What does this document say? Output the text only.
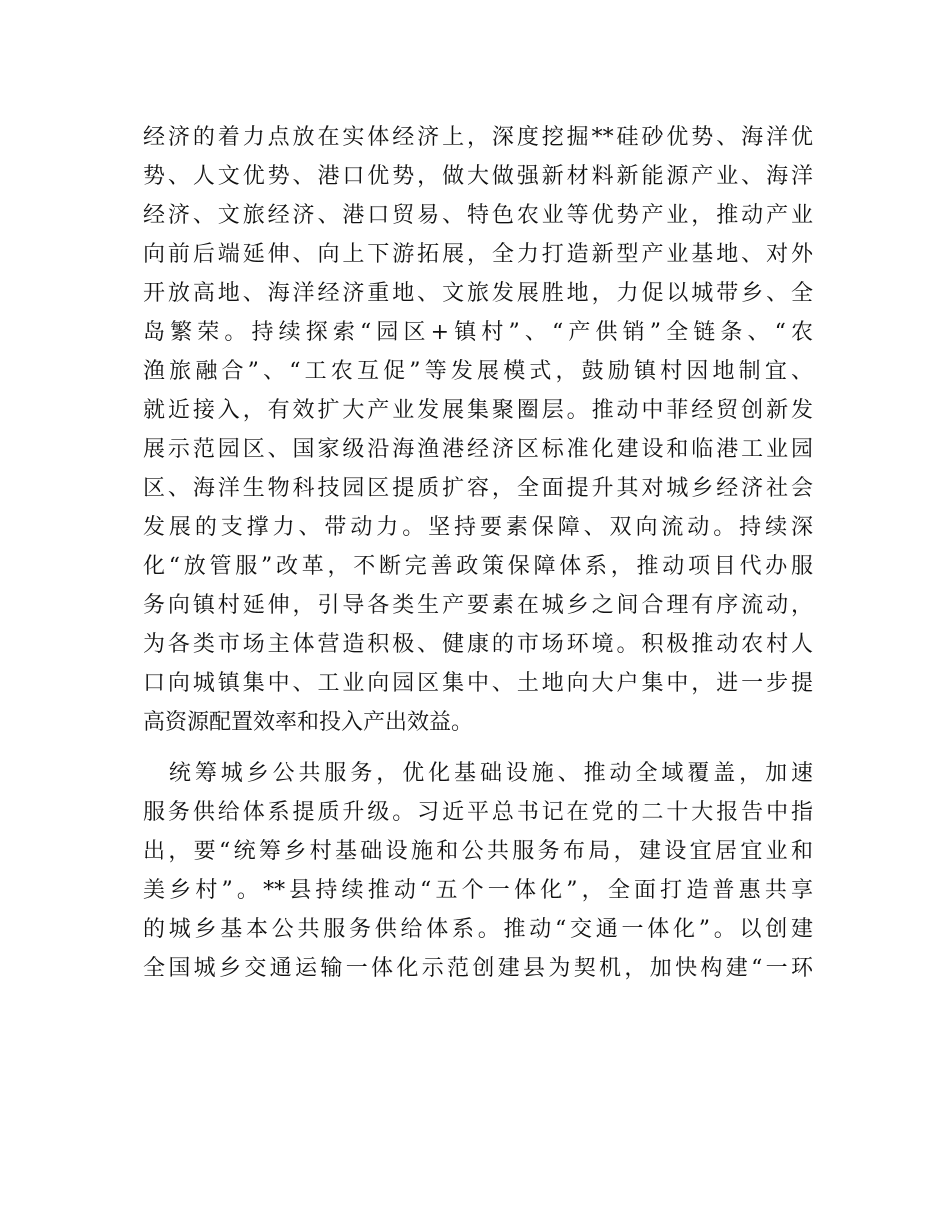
经济的着力点放在实体经济上，深度挖掘**硅砂优势、海洋优
势、人文优势、港口优势，做大做强新材料新能源产业、海洋
经济、文旅经济、港口贸易、特色农业等优势产业，推动产业
向前后端延伸、向上下游拓展，全力打造新型产业基地、对外
开放高地、海洋经济重地、文旅发展胜地，力促以城带乡、全
岛繁荣。持续探索“园区+镇村”、“产供销”全链条、“农
渔旅融合”、“工农互促”等发展模式，鼓励镇村因地制宜、
就近接入，有效扩大产业发展集聚圈层。推动中菲经贸创新发
展示范园区、国家级沿海渔港经济区标准化建设和临港工业园
区、海洋生物科技园区提质扩容，全面提升其对城乡经济社会
发展的支撑力、带动力。坚持要素保障、双向流动。持续深
化“放管服”改革，不断完善政策保障体系，推动项目代办服
务向镇村延伸，引导各类生产要素在城乡之间合理有序流动，
为各类市场主体营造积极、健康的市场环境。积极推动农村人
口向城镇集中、工业向园区集中、土地向大户集中，进一步提
高资源配置效率和投入产出效益。
　统筹城乡公共服务，优化基础设施、推动全域覆盖，加速
服务供给体系提质升级。习近平总书记在党的二十大报告中指
出，要“统筹乡村基础设施和公共服务布局，建设宜居宜业和
美乡村”。**县持续推动“五个一体化”，全面打造普惠共享
的城乡基本公共服务供给体系。推动“交通一体化”。以创建
全国城乡交通运输一体化示范创建县为契机，加快构建“一环
